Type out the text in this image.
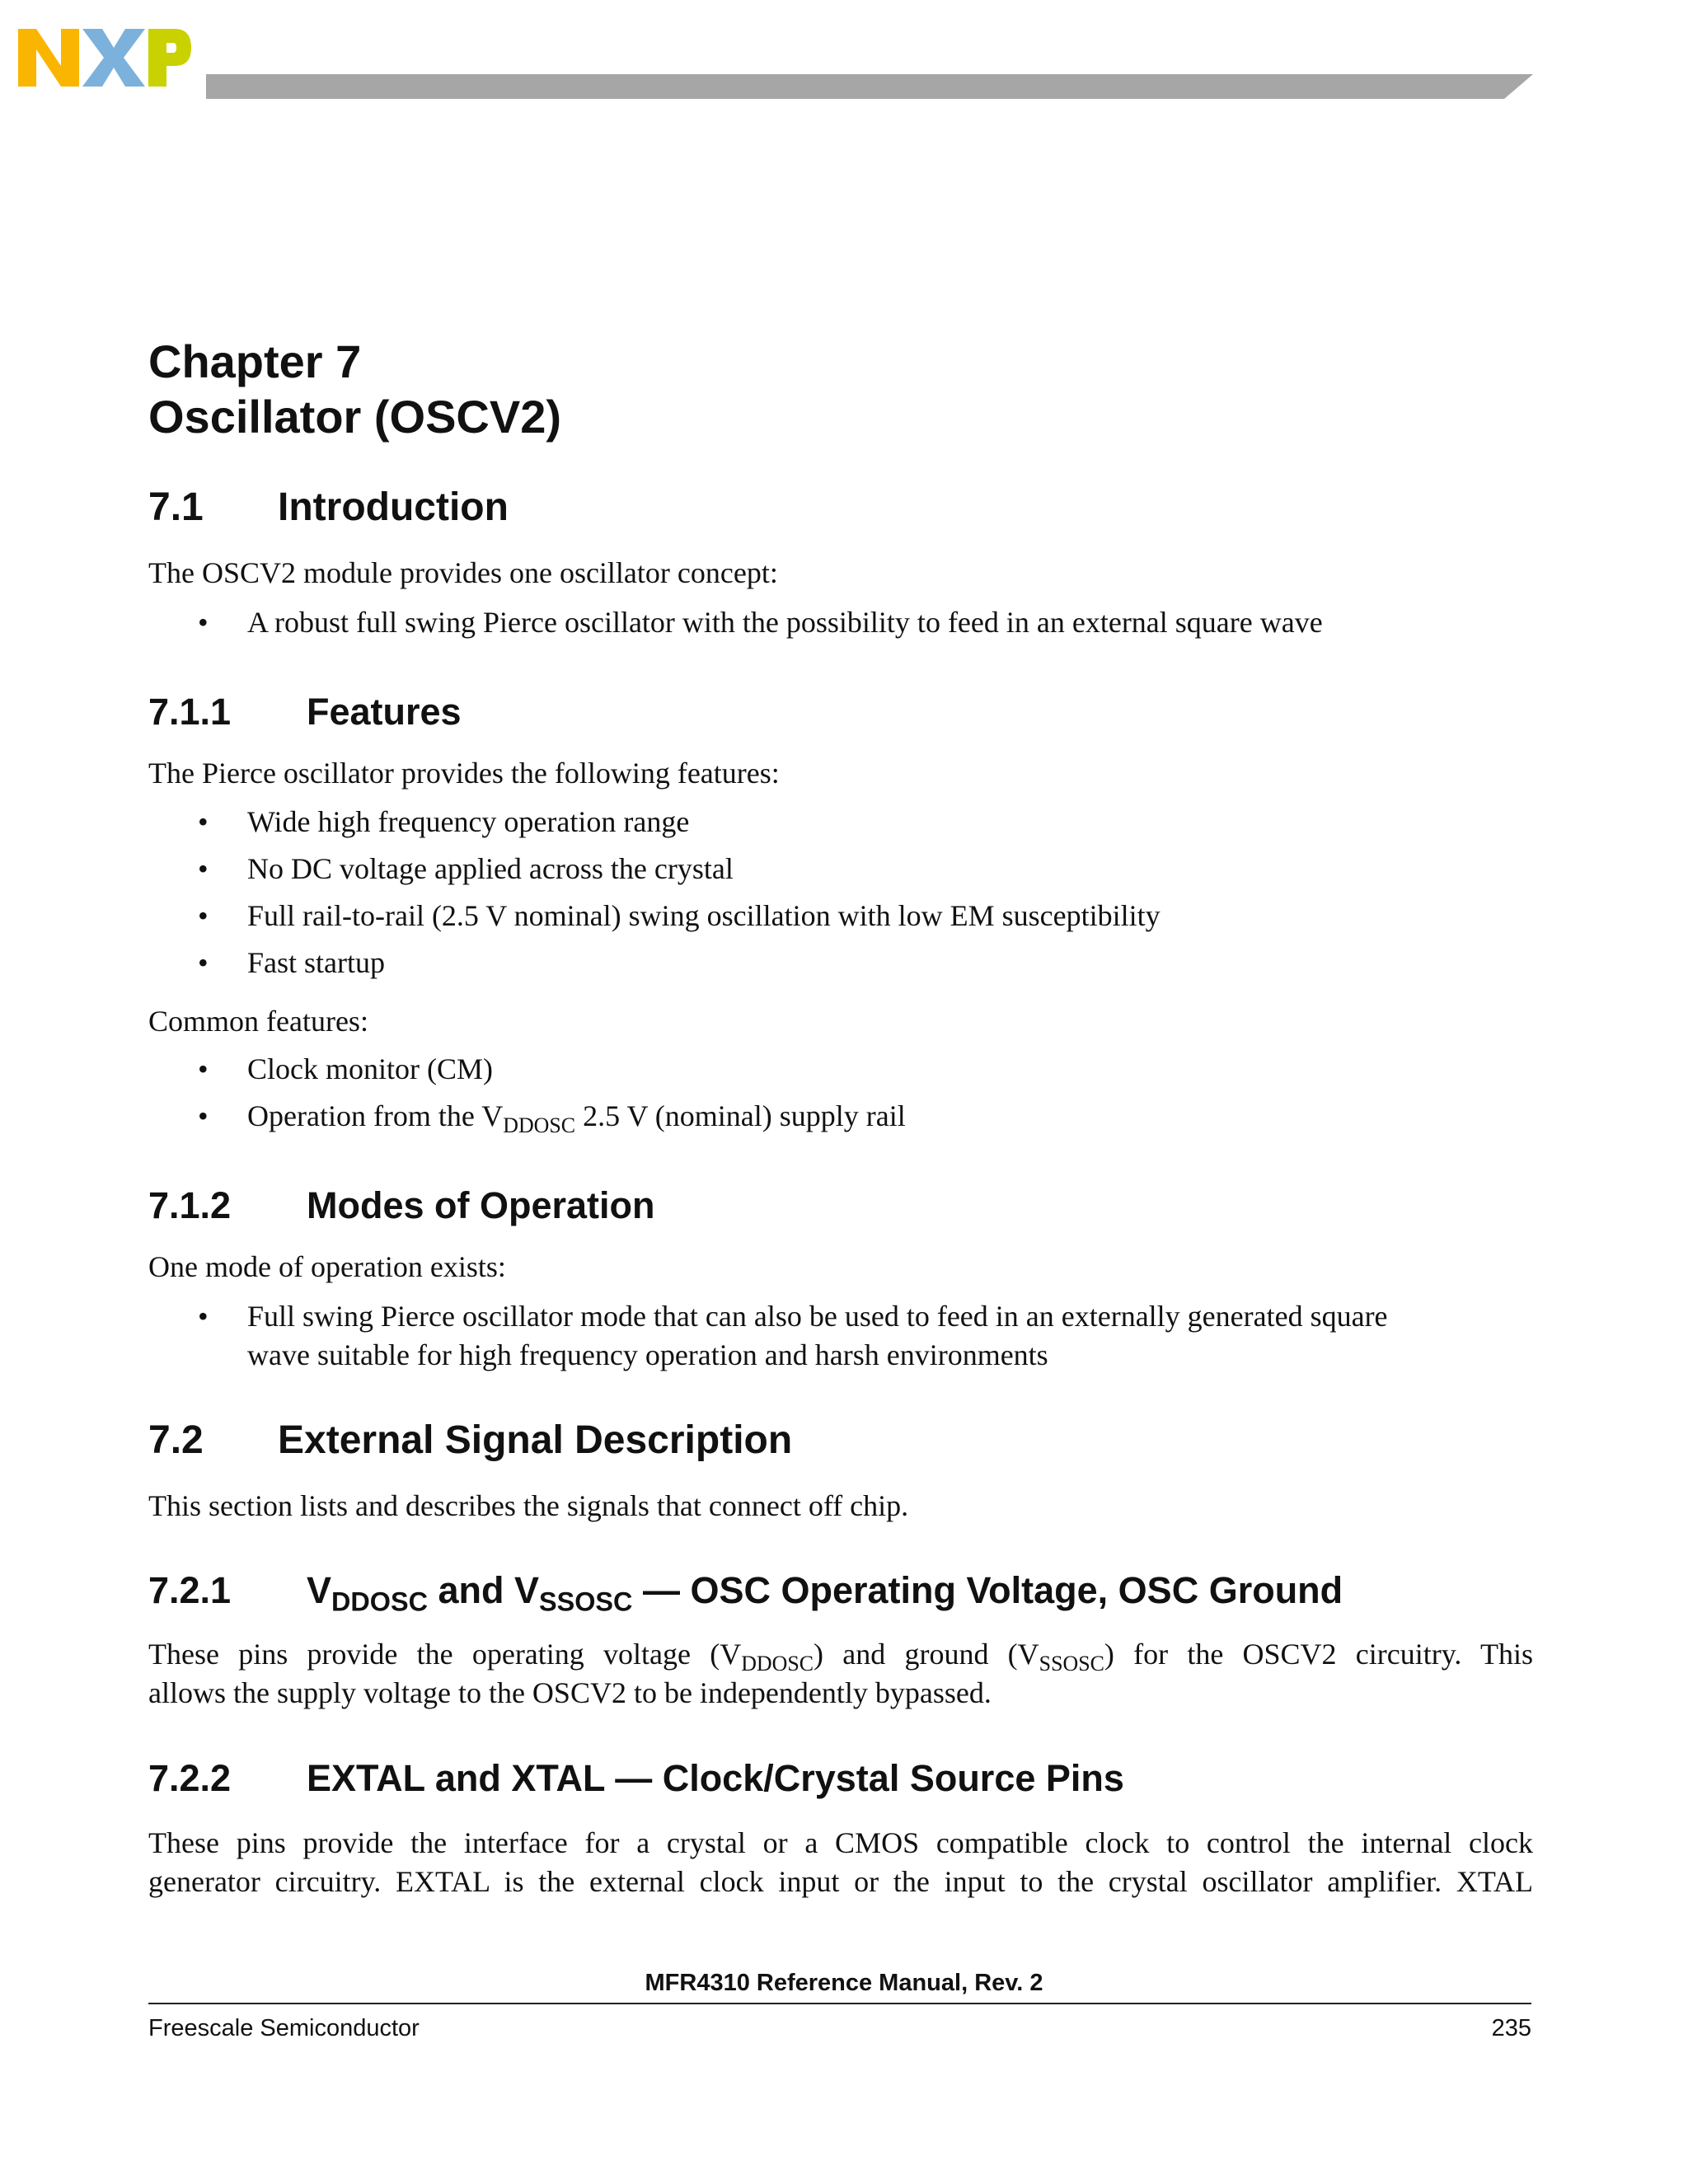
Chapter 7
Oscillator (OSCV2)
7.1 Introduction
The OSCV2 module provides one oscillator concept:
• A robust full swing Pierce oscillator with the possibility to feed in an external square wave
7.1.1 Features
The Pierce oscillator provides the following features:
• Wide high frequency operation range
• No DC voltage applied across the crystal
• Full rail-to-rail (2.5 V nominal) swing oscillation with low EM susceptibility
• Fast startup
Common features:
• Clock monitor (CM)
• Operation from the $V_{DDOSC}$ 2.5 V (nominal) supply rail
7.1.2 Modes of Operation
One mode of operation exists:
• Full swing Pierce oscillator mode that can also be used to feed in an externally generated square
wave suitable for high frequency operation and harsh environments
7.2 External Signal Description
This section lists and describes the signals that connect off chip.
7.2.1 $V_{DDOSC}$ and $V_{SSOSC}$ — OSC Operating Voltage, OSC Ground
These pins provide the operating voltage $(V_{DDOSC})$ and ground $(V_{SSOSC})$ for the OSCV2 circuitry. This
allows the supply voltage to the OSCV2 to be independently bypassed.
7.2.2 EXTAL and XTAL — Clock/Crystal Source Pins
These pins provide the interface for a crystal or a CMOS compatible clock to control the internal clock
generator circuitry. EXTAL is the external clock input or the input to the crystal oscillator amplifier. XTAL
MFR4310 Reference Manual, Rev. 2
Freescale Semiconductor	235
